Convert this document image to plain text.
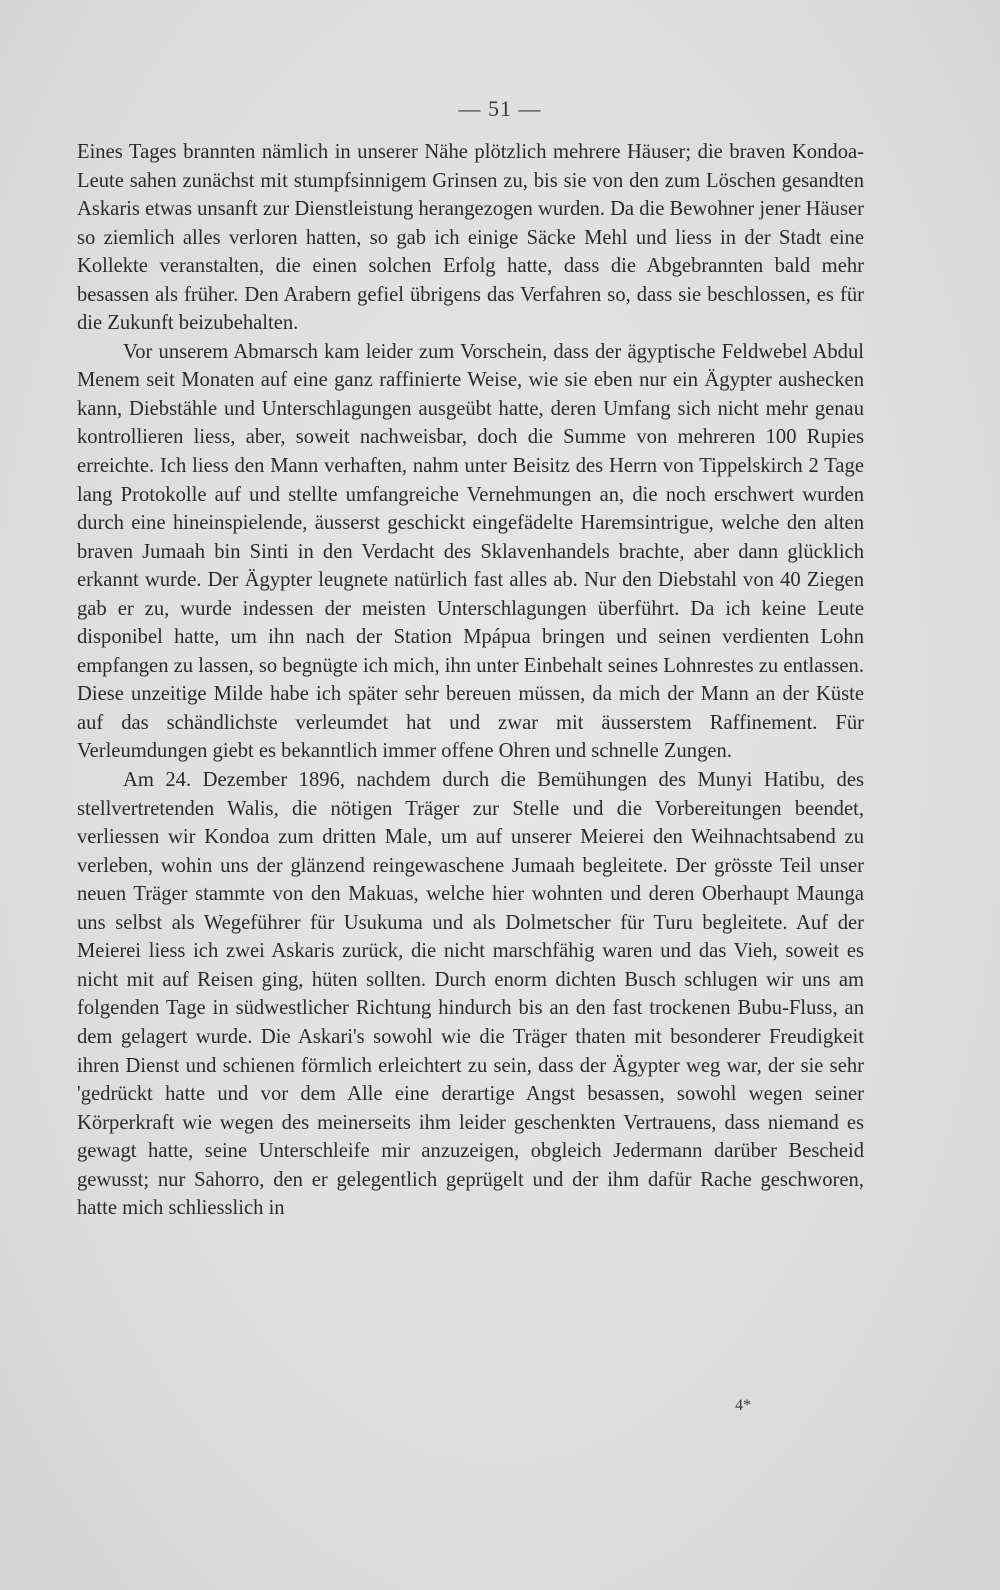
— 51 —

Eines Tages brannten nämlich in unserer Nähe plötzlich mehrere Häuser; die braven Kondoa-Leute sahen zunächst mit stumpfsinnigem Grinsen zu, bis sie von den zum Löschen gesandten Askaris etwas unsanft zur Dienstleistung herangezogen wurden. Da die Bewohner jener Häuser so ziemlich alles verloren hatten, so gab ich einige Säcke Mehl und liess in der Stadt eine Kollekte veranstalten, die einen solchen Erfolg hatte, dass die Abgebrannten bald mehr besassen als früher. Den Arabern gefiel übrigens das Verfahren so, dass sie beschlossen, es für die Zukunft beizubehalten.

Vor unserem Abmarsch kam leider zum Vorschein, dass der ägyptische Feldwebel Abdul Menem seit Monaten auf eine ganz raffinierte Weise, wie sie eben nur ein Ägypter aushecken kann, Diebstähle und Unterschlagungen ausgeübt hatte, deren Umfang sich nicht mehr genau kontrollieren liess, aber, soweit nachweisbar, doch die Summe von mehreren 100 Rupies erreichte. Ich liess den Mann verhaften, nahm unter Beisitz des Herrn von Tippelskirch 2 Tage lang Protokolle auf und stellte umfangreiche Vernehmungen an, die noch erschwert wurden durch eine hineinspielende, äusserst geschickt eingefädelte Haremsintrigue, welche den alten braven Jumaah bin Sinti in den Verdacht des Sklavenhandels brachte, aber dann glücklich erkannt wurde. Der Ägypter leugnete natürlich fast alles ab. Nur den Diebstahl von 40 Ziegen gab er zu, wurde indessen der meisten Unterschlagungen überführt. Da ich keine Leute disponibel hatte, um ihn nach der Station Mpápua bringen und seinen verdienten Lohn empfangen zu lassen, so begnügte ich mich, ihn unter Einbehalt seines Lohnrestes zu entlassen. Diese unzeitige Milde habe ich später sehr bereuen müssen, da mich der Mann an der Küste auf das schändlichste verleumdet hat und zwar mit äusserstem Raffinement. Für Verleumdungen giebt es bekanntlich immer offene Ohren und schnelle Zungen.

Am 24. Dezember 1896, nachdem durch die Bemühungen des Munyi Hatibu, des stellvertretenden Walis, die nötigen Träger zur Stelle und die Vorbereitungen beendet, verliessen wir Kondoa zum dritten Male, um auf unserer Meierei den Weihnachtsabend zu verleben, wohin uns der glänzend reingewaschene Jumaah begleitete. Der grösste Teil unser neuen Träger stammte von den Makuas, welche hier wohnten und deren Oberhaupt Maunga uns selbst als Wegeführer für Usukuma und als Dolmetscher für Turu begleitete. Auf der Meierei liess ich zwei Askaris zurück, die nicht marschfähig waren und das Vieh, soweit es nicht mit auf Reisen ging, hüten sollten. Durch enorm dichten Busch schlugen wir uns am folgenden Tage in südwestlicher Richtung hindurch bis an den fast trockenen Bubu-Fluss, an dem gelagert wurde. Die Askari's sowohl wie die Träger thaten mit besonderer Freudigkeit ihren Dienst und schienen förmlich erleichtert zu sein, dass der Ägypter weg war, der sie sehr 'gedrückt hatte und vor dem Alle eine derartige Angst besassen, sowohl wegen seiner Körperkraft wie wegen des meinerseits ihm leider geschenkten Vertrauens, dass niemand es gewagt hatte, seine Unterschleife mir anzuzeigen, obgleich Jedermann darüber Bescheid gewusst; nur Sahorro, den er gelegentlich geprügelt und der ihm dafür Rache geschworen, hatte mich schliesslich in

4*
